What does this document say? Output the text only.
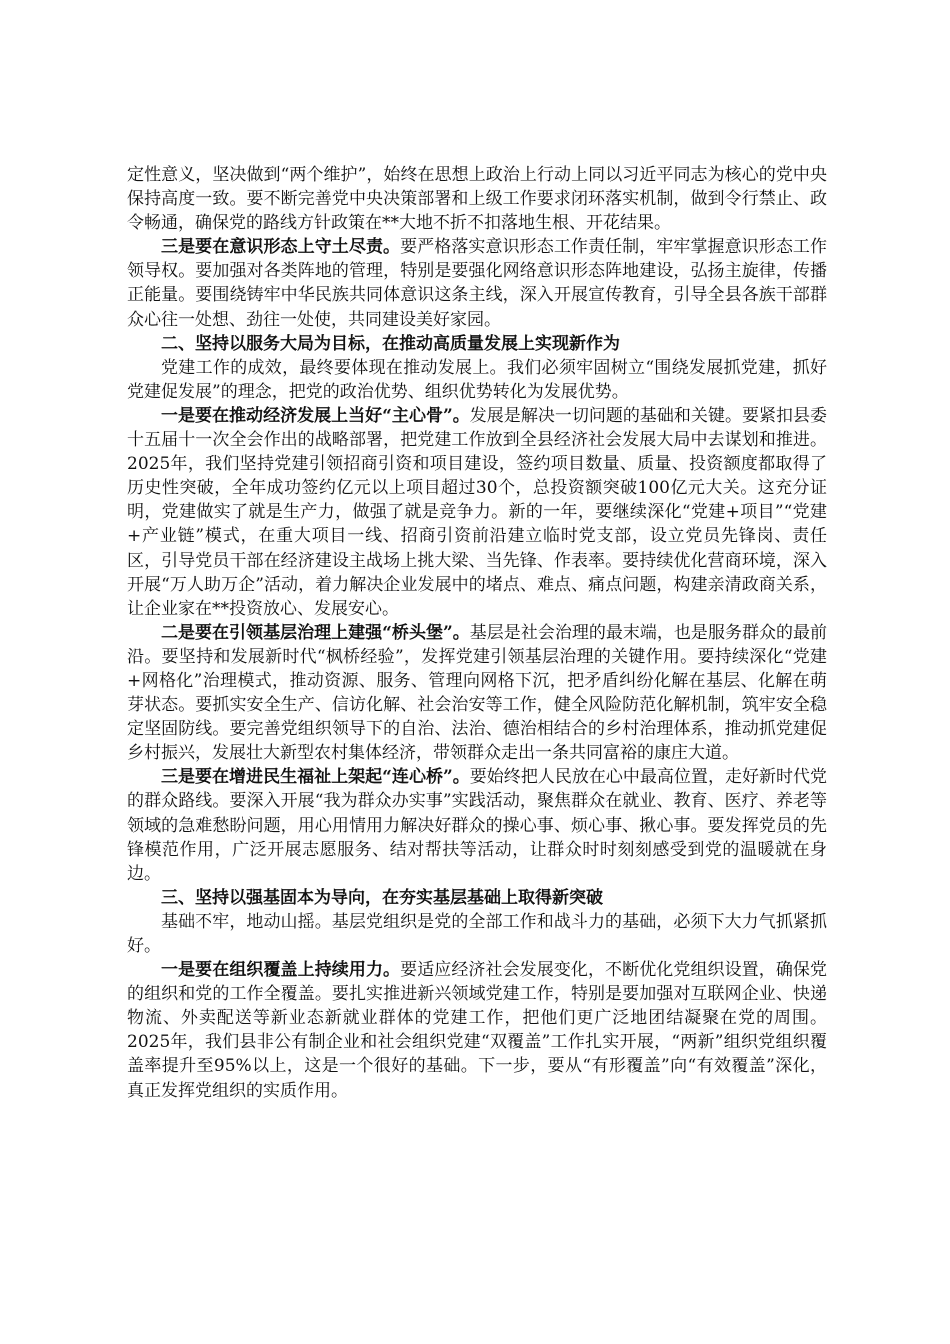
定性意义，坚决做到“两个维护”，始终在思想上政治上行动上同以习近平同志为核心的党中央保持高度一致。要不断完善党中央决策部署和上级工作要求闭环落实机制，做到令行禁止、政令畅通，确保党的路线方针政策在**大地不折不扣落地生根、开花结果。

三是要在意识形态上守土尽责。要严格落实意识形态工作责任制，牢牢掌握意识形态工作领导权。要加强对各类阵地的管理，特别是要强化网络意识形态阵地建设，弘扬主旋律，传播正能量。要围绕铸牢中华民族共同体意识这条主线，深入开展宣传教育，引导全县各族干部群众心往一处想、劲往一处使，共同建设美好家园。

二、坚持以服务大局为目标，在推动高质量发展上实现新作为

党建工作的成效，最终要体现在推动发展上。我们必须牢固树立“围绕发展抓党建，抓好党建促发展”的理念，把党的政治优势、组织优势转化为发展优势。

一是要在推动经济发展上当好“主心骨”。发展是解决一切问题的基础和关键。要紧扣县委十五届十一次全会作出的战略部署，把党建工作放到全县经济社会发展大局中去谋划和推进。2025年，我们坚持党建引领招商引资和项目建设，签约项目数量、质量、投资额度都取得了历史性突破，全年成功签约亿元以上项目超过30个，总投资额突破100亿元大关。这充分证明，党建做实了就是生产力，做强了就是竞争力。新的一年，要继续深化“党建+项目”“党建+产业链”模式，在重大项目一线、招商引资前沿建立临时党支部，设立党员先锋岗、责任区，引导党员干部在经济建设主战场上挑大梁、当先锋、作表率。要持续优化营商环境，深入开展“万人助万企”活动，着力解决企业发展中的堵点、难点、痛点问题，构建亲清政商关系，让企业家在**投资放心、发展安心。

二是要在引领基层治理上建强“桥头堡”。基层是社会治理的最末端，也是服务群众的最前沿。要坚持和发展新时代“枫桥经验”，发挥党建引领基层治理的关键作用。要持续深化“党建+网格化”治理模式，推动资源、服务、管理向网格下沉，把矛盾纠纷化解在基层、化解在萌芽状态。要抓实安全生产、信访化解、社会治安等工作，健全风险防范化解机制，筑牢安全稳定坚固防线。要完善党组织领导下的自治、法治、德治相结合的乡村治理体系，推动抓党建促乡村振兴，发展壮大新型农村集体经济，带领群众走出一条共同富裕的康庄大道。

三是要在增进民生福祉上架起“连心桥”。要始终把人民放在心中最高位置，走好新时代党的群众路线。要深入开展“我为群众办实事”实践活动，聚焦群众在就业、教育、医疗、养老等领域的急难愁盼问题，用心用情用力解决好群众的操心事、烦心事、揪心事。要发挥党员的先锋模范作用，广泛开展志愿服务、结对帮扶等活动，让群众时时刻刻感受到党的温暖就在身边。

三、坚持以强基固本为导向，在夯实基层基础上取得新突破

基础不牢，地动山摇。基层党组织是党的全部工作和战斗力的基础，必须下大力气抓紧抓好。

一是要在组织覆盖上持续用力。要适应经济社会发展变化，不断优化党组织设置，确保党的组织和党的工作全覆盖。要扎实推进新兴领域党建工作，特别是要加强对互联网企业、快递物流、外卖配送等新业态新就业群体的党建工作，把他们更广泛地团结凝聚在党的周围。2025年，我们县非公有制企业和社会组织党建“双覆盖”工作扎实开展，“两新”组织党组织覆盖率提升至95%以上，这是一个很好的基础。下一步，要从“有形覆盖”向“有效覆盖”深化，真正发挥党组织的实质作用。
